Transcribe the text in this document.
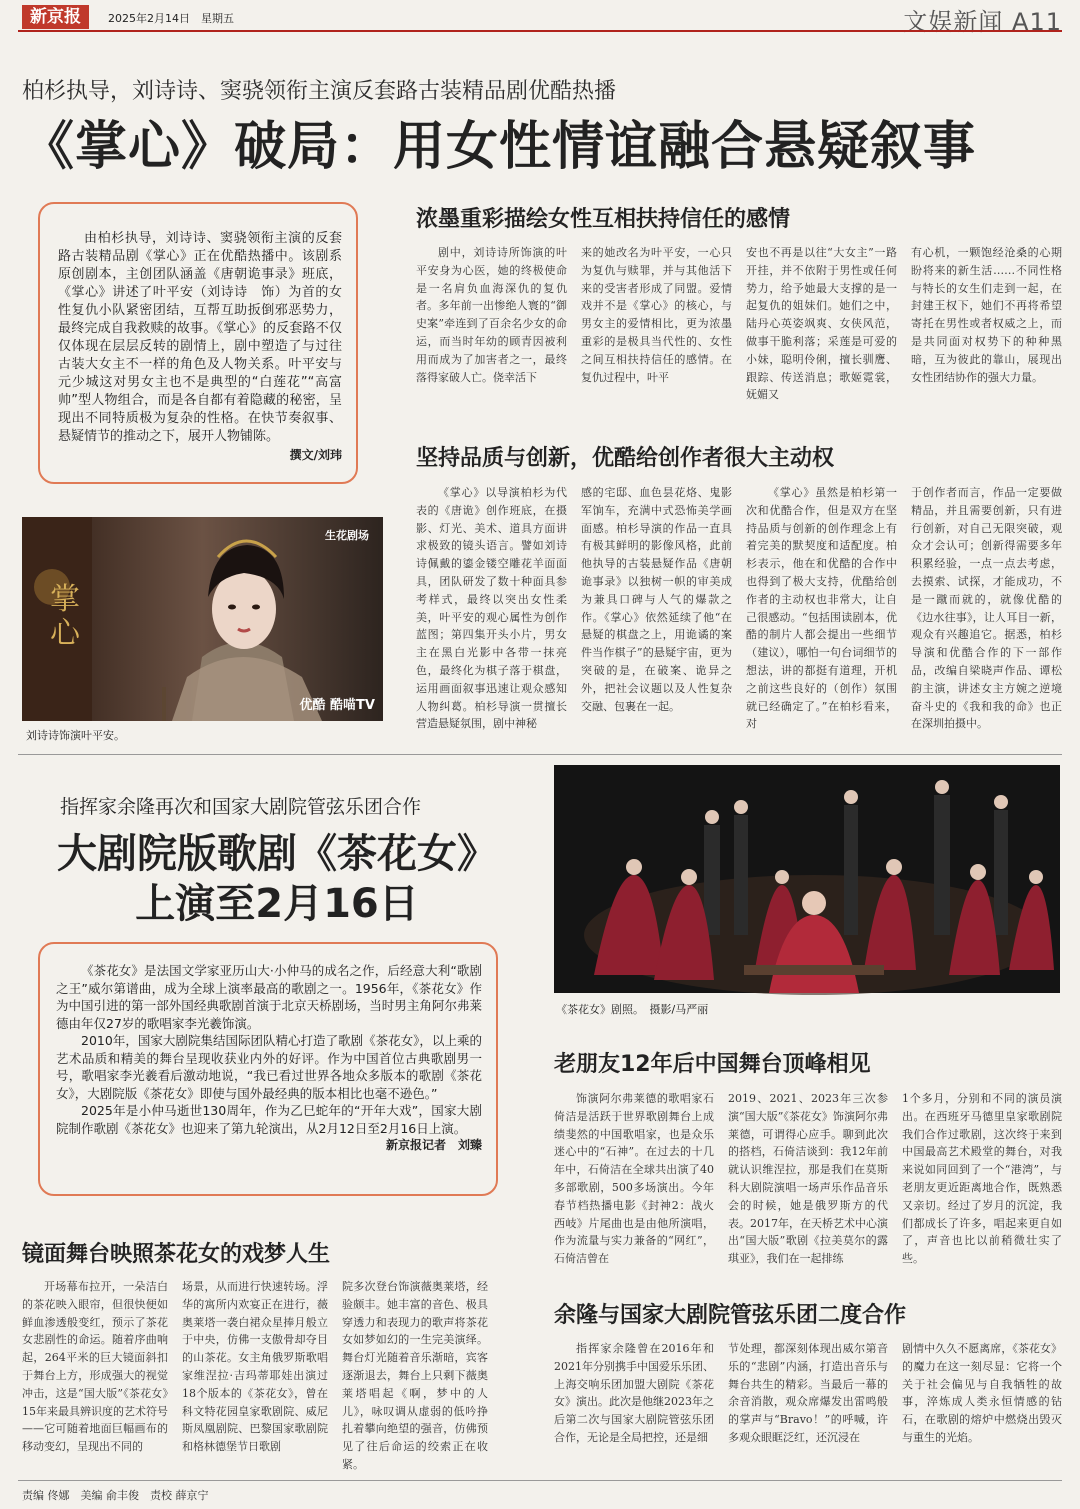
新京报	2025年2月14日　星期五	文娱新闻 A11
柏杉执导，刘诗诗、窦骁领衔主演反套路古装精品剧优酷热播
《掌心》破局：用女性情谊融合悬疑叙事
由柏杉执导，刘诗诗、窦骁领衔主演的反套路古装精品剧《掌心》正在优酷热播中。该剧系原创剧本，主创团队涵盖《唐朝诡事录》班底，《掌心》讲述了叶平安（刘诗诗　饰）为首的女性复仇小队紧密团结，互帮互助扳倒邪恶势力，最终完成自我救赎的故事。《掌心》的反套路不仅仅体现在层层反转的剧情上，剧中塑造了与过往古装大女主不一样的角色及人物关系。叶平安与元少城这对男女主也不是典型的“白莲花”“高富帅”型人物组合，而是各自都有着隐藏的秘密，呈现出不同特质极为复杂的性格。在快节奏叙事、悬疑情节的推动之下，展开人物铺陈。
撰文/刘玮
浓墨重彩描绘女性互相扶持信任的感情

剧中，刘诗诗所饰演的叶平安身为心医，她的终极使命是一名肩负血海深仇的复仇者。多年前一出惨绝人寰的“御史案”牵连到了百余名少女的命运，而当时年幼的顾青因被利用而成为了加害者之一，最终落得家破人亡。侥幸活下

来的她改名为叶平安，一心只为复仇与赎罪，并与其他活下来的受害者形成了同盟。爱情戏并不是《掌心》的核心，与男女主的爱情相比，更为浓墨重彩的是极具当代性的、女性之间互相扶持信任的感情。在复仇过程中，叶平

安也不再是以往“大女主”一路开挂，并不依附于男性或任何势力，给予她最大支撑的是一起复仇的姐妹们。她们之中，陆丹心英姿飒爽、女侠风范，做事干脆利落；采莲是可爱的小妹，聪明伶俐，擅长驯鹰、跟踪、传送消息；歌姬霓裳，妩媚又

有心机，一颗饱经沧桑的心期盼将来的新生活……不同性格与特长的女生们走到一起，在封建王权下，她们不再将希望寄托在男性或者权威之上，而是共同面对权势下的种种黑暗，互为彼此的靠山，展现出女性团结协作的强大力量。

坚持品质与创新，优酷给创作者很大主动权

《掌心》以导演柏杉为代表的《唐诡》创作班底，在摄影、灯光、美术、道具方面讲求极致的镜头语言。譬如刘诗诗佩戴的鎏金镂空雕花羊面面具，团队研发了数十种面具参考样式，最终以突出女性柔美，叶平安的观心属性为创作蓝图；第四集开头小片，男女主在黑白光影中各带一抹亮色，最终化为棋子落于棋盘，运用画面叙事迅速让观众感知人物纠葛。柏杉导演一贯擅长营造悬疑氛围，剧中神秘

感的宅邸、血色昙花烙、鬼影军饷车，充满中式恐怖美学画面感。柏杉导演的作品一直具有极其鲜明的影像风格，此前他执导的古装悬疑作品《唐朝诡事录》以独树一帜的审美成为兼具口碑与人气的爆款之作。《掌心》依然延续了他“在悬疑的棋盘之上，用诡谲的案件当作棋子”的悬疑宇宙，更为突破的是，在破案、诡异之外，把社会议题以及人性复杂交融、包裹在一起。

《掌心》虽然是柏杉第一次和优酷合作，但是双方在坚持品质与创新的创作理念上有着完美的默契度和适配度。柏杉表示，他在和优酷的合作中也得到了极大支持，优酷给创作者的主动权也非常大，让自己很感动。“包括围读剧本，优酷的制片人都会提出一些细节（建议），哪怕一句台词细节的想法，讲的都挺有道理，开机之前这些良好的（创作）氛围就已经确定了。”在柏杉看来，对

于创作者而言，作品一定要做精品，并且需要创新，只有进行创新，对自己无限突破，观众才会认可；创新得需要多年积累经验，一点一点去考虑，去摸索、试探，才能成功，不是一蹴而就的，就像优酷的《边水往事》，让人耳目一新，观众有兴趣追它。据悉，柏杉导演和优酷合作的下一部作品，改编自梁晓声作品、谭松韵主演，讲述女主方婉之逆境奋斗史的《我和我的命》也正在深圳拍摄中。

掌心
生花剧场
优酷 酷喵TV
刘诗诗饰演叶平安。
指挥家余隆再次和国家大剧院管弦乐团合作
大剧院版歌剧《茶花女》
上演至2月16日
《茶花女》是法国文学家亚历山大·小仲马的成名之作，后经意大利“歌剧之王”威尔第谱曲，成为全球上演率最高的歌剧之一。1956年，《茶花女》作为中国引进的第一部外国经典歌剧首演于北京天桥剧场，当时男主角阿尔弗莱德由年仅27岁的歌唱家李光羲饰演。
2010年，国家大剧院集结国际团队精心打造了歌剧《茶花女》，以上乘的艺术品质和精美的舞台呈现收获业内外的好评。作为中国首位古典歌剧男一号，歌唱家李光羲看后激动地说，“我已看过世界各地众多版本的歌剧《茶花女》，大剧院版《茶花女》即使与国外最经典的版本相比也毫不逊色。”
2025年是小仲马逝世130周年，作为乙巳蛇年的“开年大戏”，国家大剧院制作歌剧《茶花女》也迎来了第九轮演出，从2月12日至2月16日上演。
新京报记者　刘臻
《茶花女》剧照。　摄影/马严丽
镜面舞台映照茶花女的戏梦人生

开场幕布拉开，一朵洁白的茶花映入眼帘，但很快便如鲜血渗透般变红，预示了茶花女悲剧性的命运。随着序曲响起，264平米的巨大镜面斜扣于舞台上方，形成强大的视觉冲击，这是“国大版”《茶花女》15年来最具辨识度的艺术符号——它可随着地面巨幅画布的移动变幻，呈现出不同的

场景，从而进行快速转场。浮华的寓所内欢宴正在进行，薇奥莱塔一袭白裙众星捧月般立于中央，仿佛一支傲骨却夺目的山茶花。女主角俄罗斯歌唱家维涅拉·吉玛蒂耶娃出演过18个版本的《茶花女》，曾在科文特花园皇家歌剧院、威尼斯凤凰剧院、巴黎国家歌剧院和格林德堡节日歌剧

院多次登台饰演薇奥莱塔，经验颇丰。她丰富的音色、极具穿透力和表现力的歌声将茶花女如梦如幻的一生完美演绎。舞台灯光随着音乐渐暗，宾客逐渐退去，舞台上只剩下薇奥莱塔唱起《啊，梦中的人儿》，咏叹调从虚弱的低吟挣扎着攀向绝望的强音，仿佛预见了往后命运的绞索正在收紧。

老朋友12年后中国舞台顶峰相见

饰演阿尔弗莱德的歌唱家石倚洁是活跃于世界歌剧舞台上成绩斐然的中国歌唱家，也是众乐迷心中的“石神”。在过去的十几年中，石倚洁在全球共出演了40多部歌剧，500多场演出。今年春节档热播电影《封神2：战火西岐》片尾曲也是由他所演唱，作为流量与实力兼备的“网红”，石倚洁曾在

2019、2021、2023年三次参演“国大版”《茶花女》饰演阿尔弗莱德，可谓得心应手。聊到此次的搭档，石倚洁谈到：我12年前就认识维涅拉，那是我们在莫斯科大剧院演唱一场声乐作品音乐会的时候，她是俄罗斯方的代表。2017年，在天桥艺术中心演出“国大版”歌剧《拉美莫尔的露琪亚》，我们在一起排练

1个多月，分别和不同的演员演出。在西班牙马德里皇家歌剧院我们合作过歌剧，这次终于来到中国最高艺术殿堂的舞台，对我来说如同回到了一个“港湾”，与老朋友更近距离地合作，既熟悉又亲切。经过了岁月的沉淀，我们都成长了许多，唱起来更自如了，声音也比以前稍微壮实了些。

余隆与国家大剧院管弦乐团二度合作

指挥家余隆曾在2016年和2021年分别携手中国爱乐乐团、上海交响乐团加盟大剧院《茶花女》演出。此次是他继2023年之后第二次与国家大剧院管弦乐团合作，无论是全局把控，还是细

节处理，都深刻体现出威尔第音乐的“悲剧”内涵，打造出音乐与舞台共生的精彩。当最后一幕的余音消散，观众席爆发出雷鸣般的掌声与“Bravo！”的呼喊，许多观众眼眶泛红，还沉浸在

剧情中久久不愿离席，《茶花女》的魔力在这一刻尽显：它将一个关于社会偏见与自我牺牲的故事，淬炼成人类永恒情感的钻石，在歌剧的熔炉中燃烧出毁灭与重生的光焰。

责编 佟娜　美编 俞丰俊　责校 薛京宁
